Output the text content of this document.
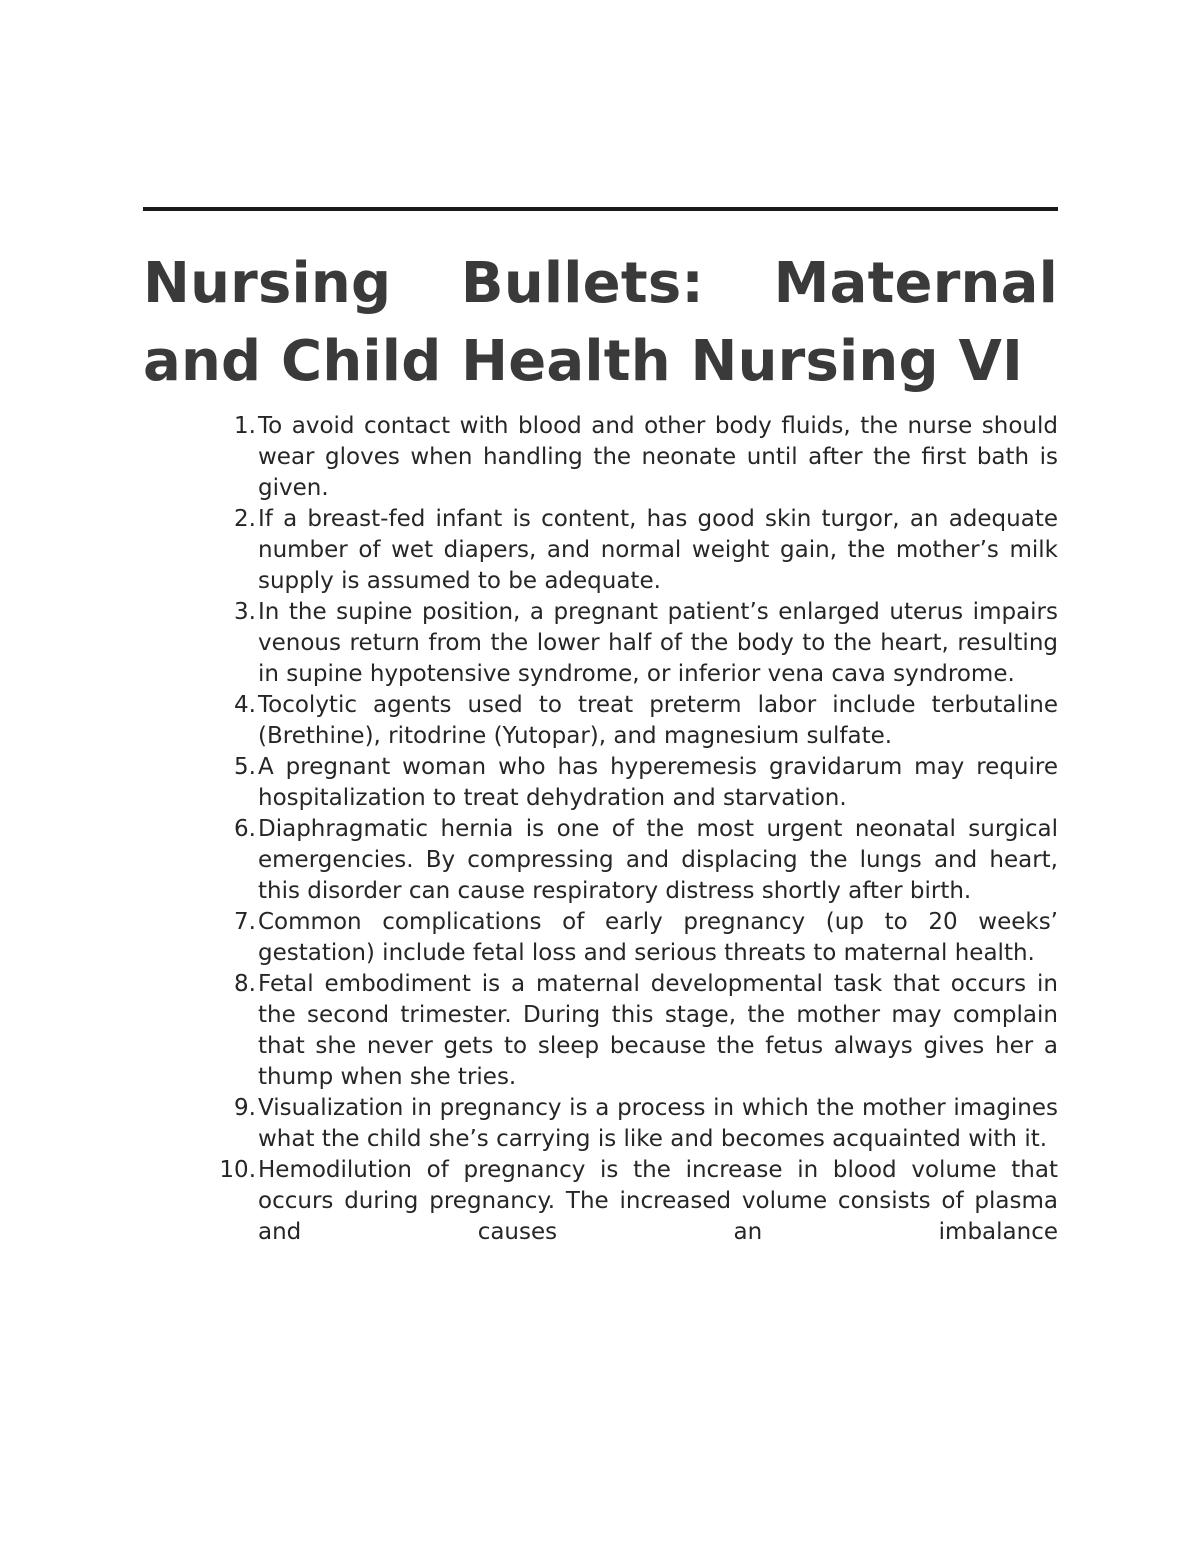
Nursing Bullets: Maternal and Child Health Nursing VI
1. To avoid contact with blood and other body fluids, the nurse should wear gloves when handling the neonate until after the first bath is given.
2. If a breast-fed infant is content, has good skin turgor, an adequate number of wet diapers, and normal weight gain, the mother’s milk supply is assumed to be adequate.
3. In the supine position, a pregnant patient’s enlarged uterus impairs venous return from the lower half of the body to the heart, resulting in supine hypotensive syndrome, or inferior vena cava syndrome.
4. Tocolytic agents used to treat preterm labor include terbutaline (Brethine), ritodrine (Yutopar), and magnesium sulfate.
5. A pregnant woman who has hyperemesis gravidarum may require hospitalization to treat dehydration and starvation.
6. Diaphragmatic hernia is one of the most urgent neonatal surgical emergencies. By compressing and displacing the lungs and heart, this disorder can cause respiratory distress shortly after birth.
7. Common complications of early pregnancy (up to 20 weeks’ gestation) include fetal loss and serious threats to maternal health.
8. Fetal embodiment is a maternal developmental task that occurs in the second trimester. During this stage, the mother may complain that she never gets to sleep because the fetus always gives her a thump when she tries.
9. Visualization in pregnancy is a process in which the mother imagines what the child she’s carrying is like and becomes acquainted with it.
10. Hemodilution of pregnancy is the increase in blood volume that occurs during pregnancy. The increased volume consists of plasma and causes an imbalance
